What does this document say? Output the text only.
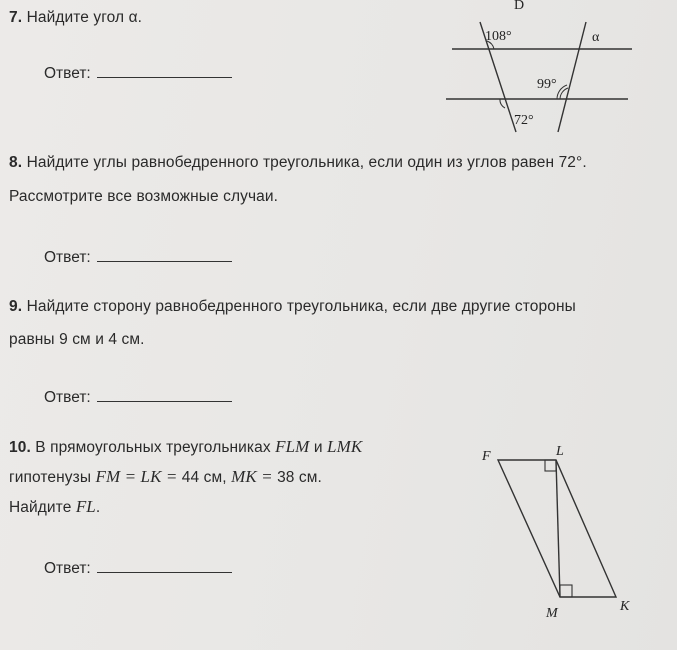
7. Найдите угол α.
Ответ:
D
108°	α
99°
72°
8. Найдите углы равнобедренного треугольника, если один из углов равен 72°.
Рассмотрите все возможные случаи.
Ответ:
9. Найдите сторону равнобедренного треугольника, если две другие стороны
равны 9 см и 4 см.
Ответ:
10. В прямоугольных треугольниках FLM и LMK
гипотенузы FM = LK = 44 см, MK = 38 см.
Найдите FL.
Ответ:
F	L
M	K
